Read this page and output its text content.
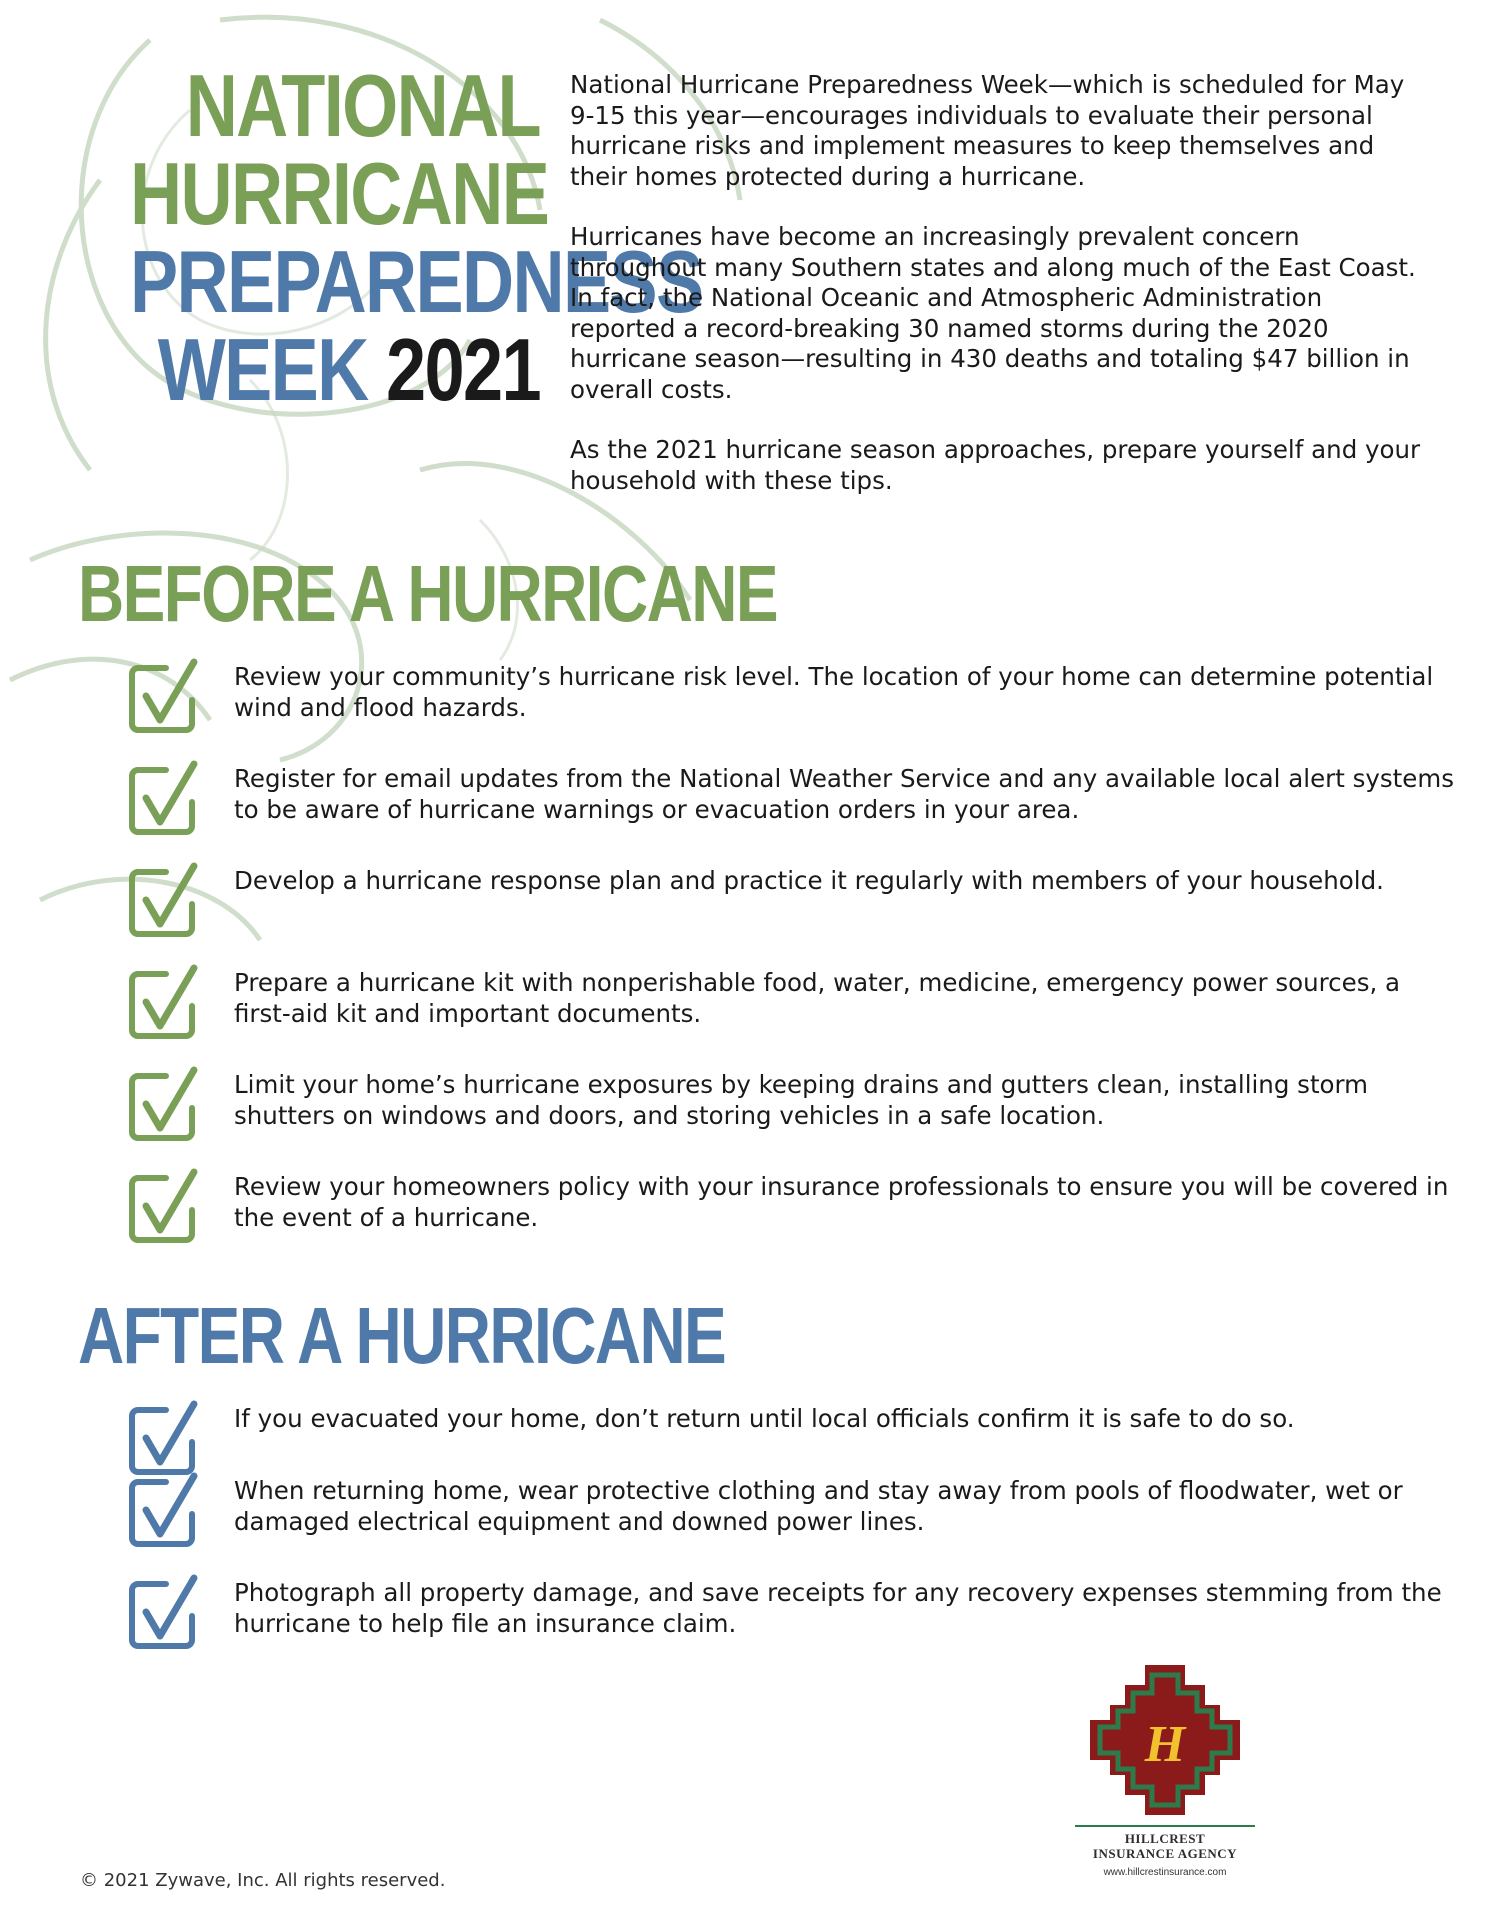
NATIONAL
HURRICANE
PREPAREDNESS
WEEK 2021

National Hurricane Preparedness Week—which is scheduled for May 9-15 this year—encourages individuals to evaluate their personal hurricane risks and implement measures to keep themselves and their homes protected during a hurricane.

Hurricanes have become an increasingly prevalent concern throughout many Southern states and along much of the East Coast. In fact, the National Oceanic and Atmospheric Administration reported a record-breaking 30 named storms during the 2020 hurricane season—resulting in 430 deaths and totaling $47 billion in overall costs.

As the 2021 hurricane season approaches, prepare yourself and your household with these tips.

BEFORE A HURRICANE
Review your community’s hurricane risk level. The location of your home can determine potential wind and flood hazards.
Register for email updates from the National Weather Service and any available local alert systems to be aware of hurricane warnings or evacuation orders in your area.
Develop a hurricane response plan and practice it regularly with members of your household.
Prepare a hurricane kit with nonperishable food, water, medicine, emergency power sources, a first-aid kit and important documents.
Limit your home’s hurricane exposures by keeping drains and gutters clean, installing storm shutters on windows and doors, and storing vehicles in a safe location.
Review your homeowners policy with your insurance professionals to ensure you will be covered in the event of a hurricane.
AFTER A HURRICANE
If you evacuated your home, don’t return until local officials confirm it is safe to do so.
When returning home, wear protective clothing and stay away from pools of floodwater, wet or damaged electrical equipment and downed power lines.
Photograph all property damage, and save receipts for any recovery expenses stemming from the hurricane to help file an insurance claim.
H
HILLCREST
INSURANCE AGENCY
www.hillcrestinsurance.com
© 2021 Zywave, Inc. All rights reserved.
